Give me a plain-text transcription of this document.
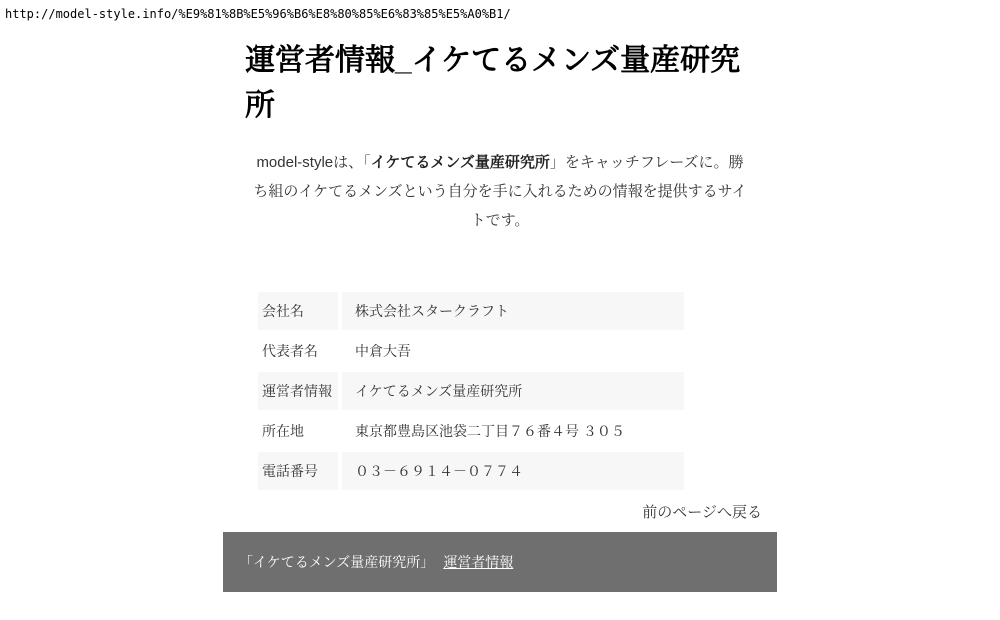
http://model-style.info/%E9%81%8B%E5%96%B6%E8%80%85%E6%83%85%E5%A0%B1/
運営者情報_イケてるメンズ量産研究所

model-styleは、「イケてるメンズ量産研究所」をキャッチフレーズに。勝ち組のイケてるメンズという自分を手に入れるための情報を提供するサイトです。

会社名	株式会社スタークラフト
代表者名	中倉大吾
運営者情報	イケてるメンズ量産研究所
所在地	東京都豊島区池袋二丁目７６番４号 ３０５
電話番号	０３－６９１４－０７７４
前のページへ戻る
「イケてるメンズ量産研究所」 運営者情報
